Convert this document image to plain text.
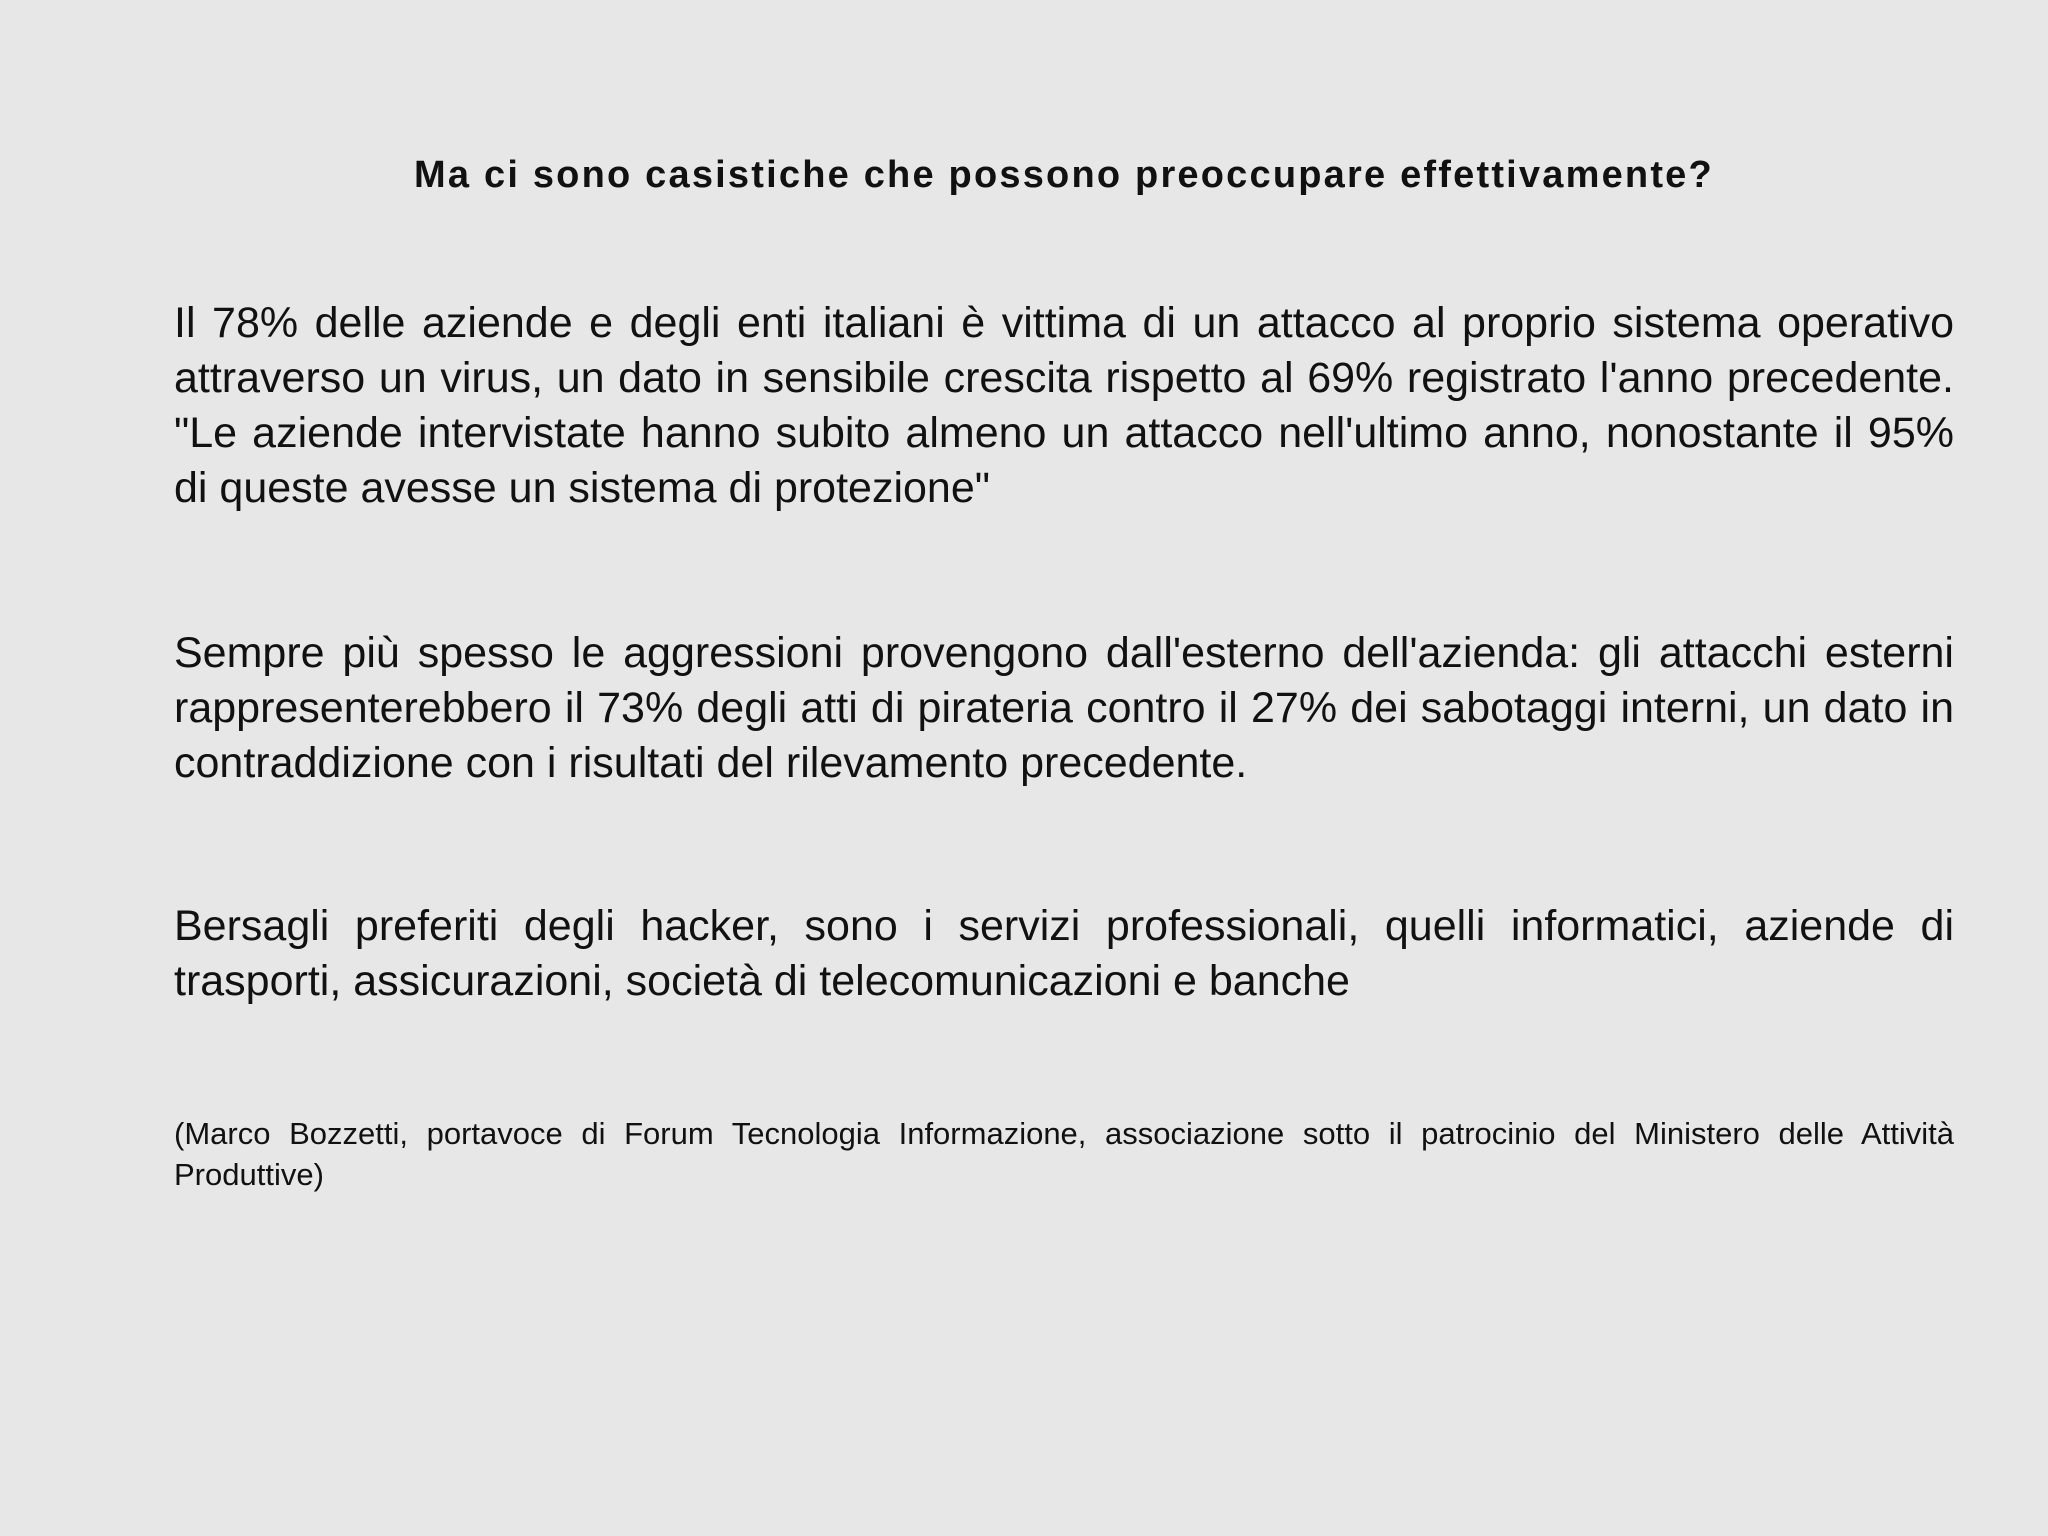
Ma ci sono casistiche che possono preoccupare effettivamente?

Il 78% delle aziende e degli enti italiani è vittima di un attacco al proprio sistema operativo attraverso un virus, un dato in sensibile crescita rispetto al 69% registrato l'anno precedente. "Le aziende intervistate hanno subito almeno un attacco nell'ultimo anno, nonostante il 95% di queste avesse un sistema di protezione"

Sempre più spesso le aggressioni provengono dall'esterno dell'azienda: gli attacchi esterni rappresenterebbero il 73% degli atti di pirateria contro il 27% dei sabotaggi interni, un dato in contraddizione con i risultati del rilevamento precedente.

Bersagli preferiti degli hacker, sono i servizi professionali, quelli informatici, aziende di trasporti, assicurazioni, società di telecomunicazioni e banche

(Marco Bozzetti, portavoce di Forum Tecnologia Informazione, associazione sotto il patrocinio del Ministero delle Attività Produttive)
